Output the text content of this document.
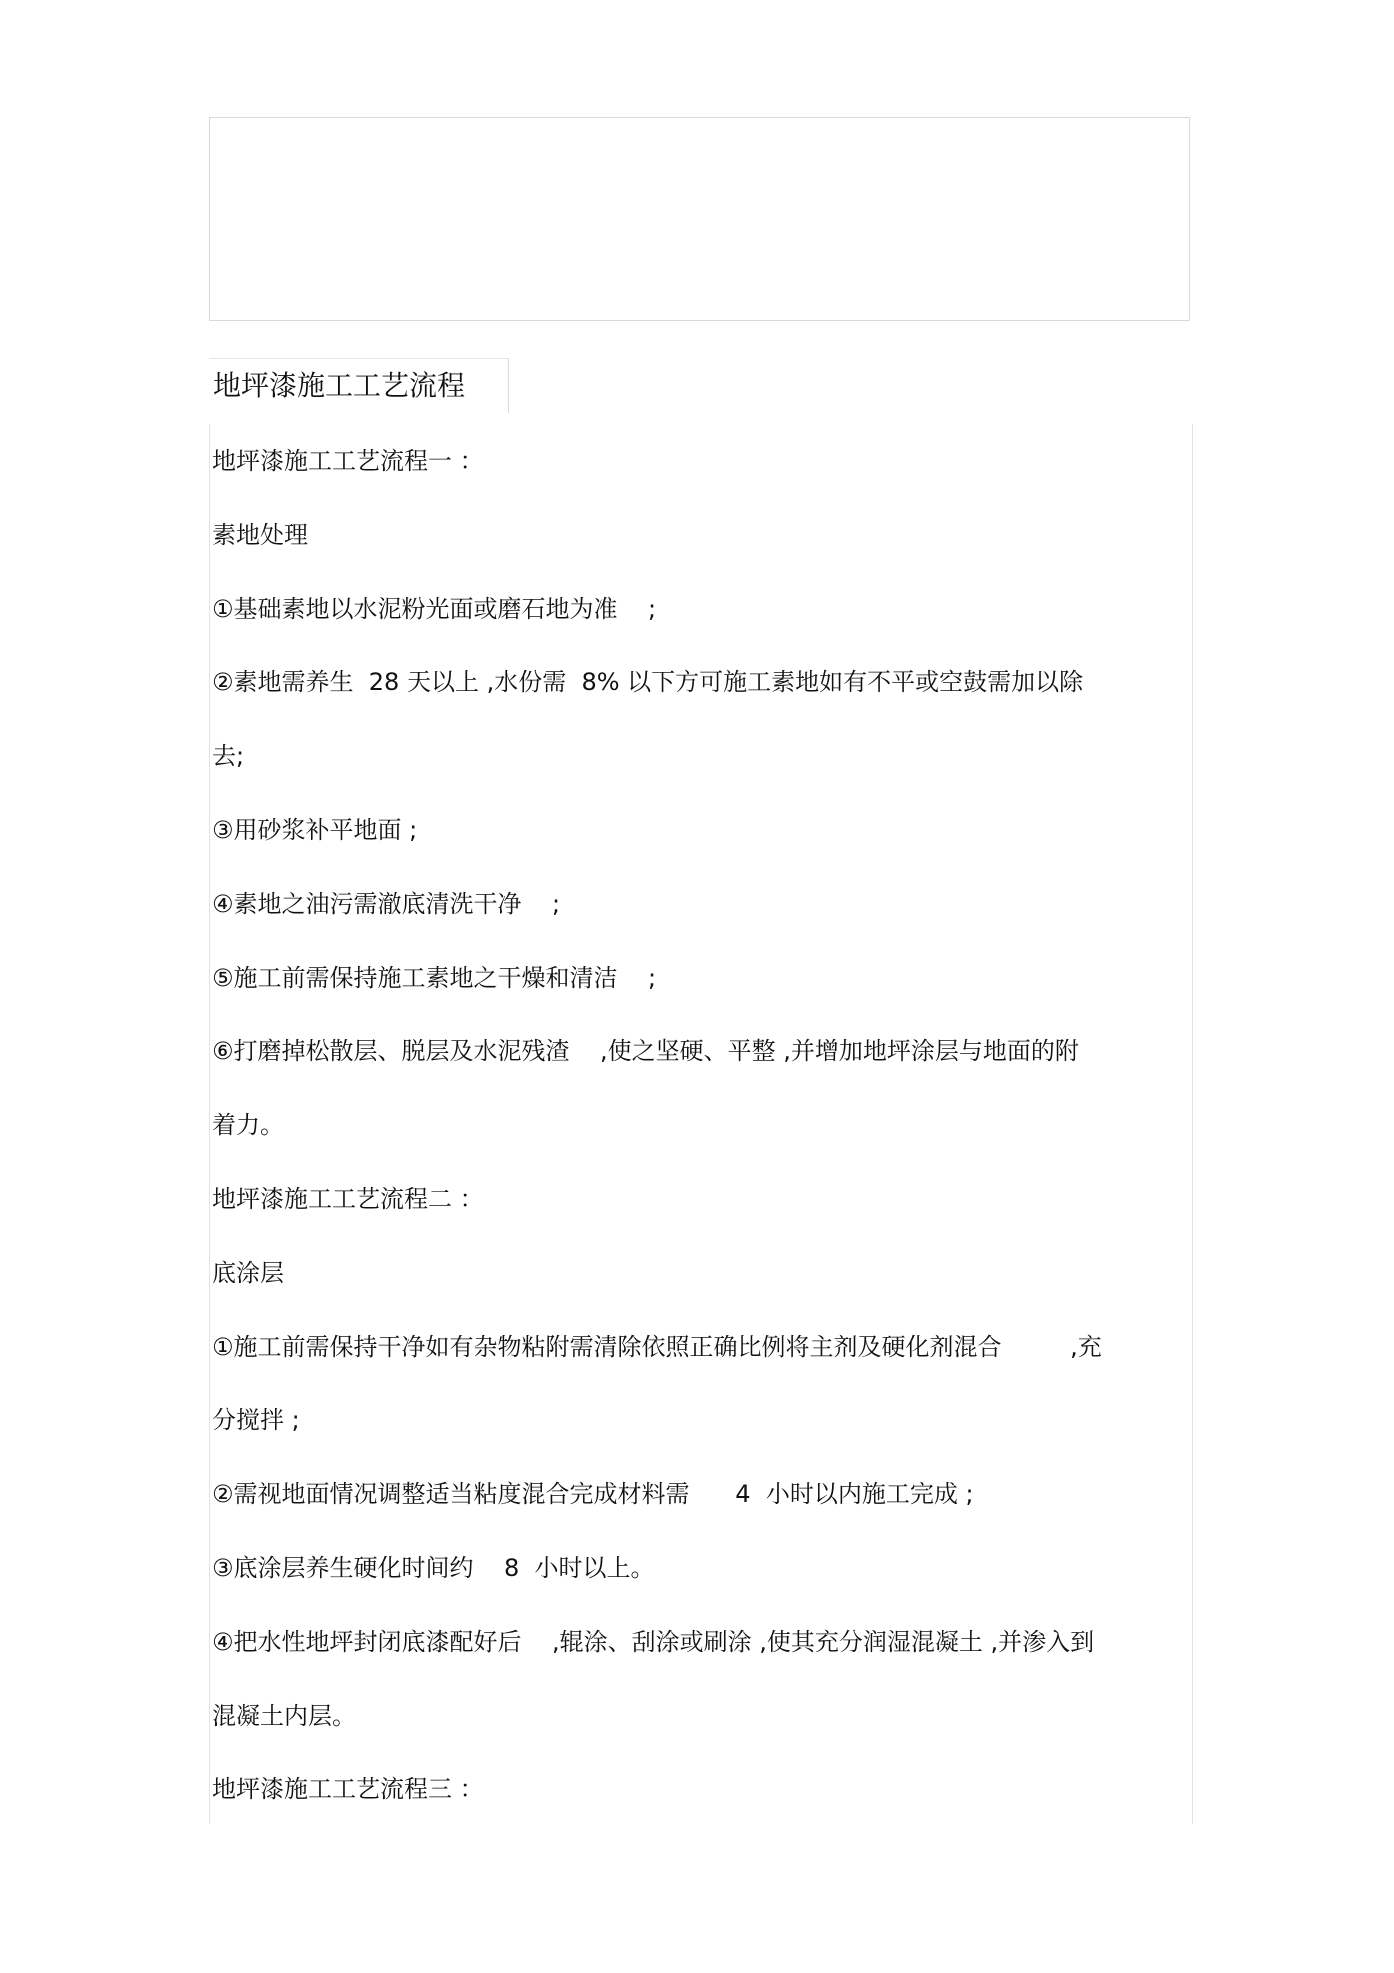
地坪漆施工工艺流程
地坪漆施工工艺流程一 ：
素地处理
①基础素地以水泥粉光面或磨石地为准    ;
②素地需养生  28 天以上 ,水份需  8% 以下方可施工素地如有不平或空鼓需加以除
去;
③用砂浆补平地面 ;
④素地之油污需澈底清洗干净    ;
⑤施工前需保持施工素地之干燥和清洁    ;
⑥打磨掉松散层、脱层及水泥残渣    ,使之坚硬、平整 ,并增加地坪涂层与地面的附
着力。
地坪漆施工工艺流程二 ：
底涂层
①施工前需保持干净如有杂物粘附需清除依照正确比例将主剂及硬化剂混合         ,充
分搅拌 ;
②需视地面情况调整适当粘度混合完成材料需      4  小时以内施工完成 ;
③底涂层养生硬化时间约    8  小时以上。
④把水性地坪封闭底漆配好后    ,辊涂、刮涂或刷涂 ,使其充分润湿混凝土 ,并渗入到
混凝土内层。
地坪漆施工工艺流程三 ：
